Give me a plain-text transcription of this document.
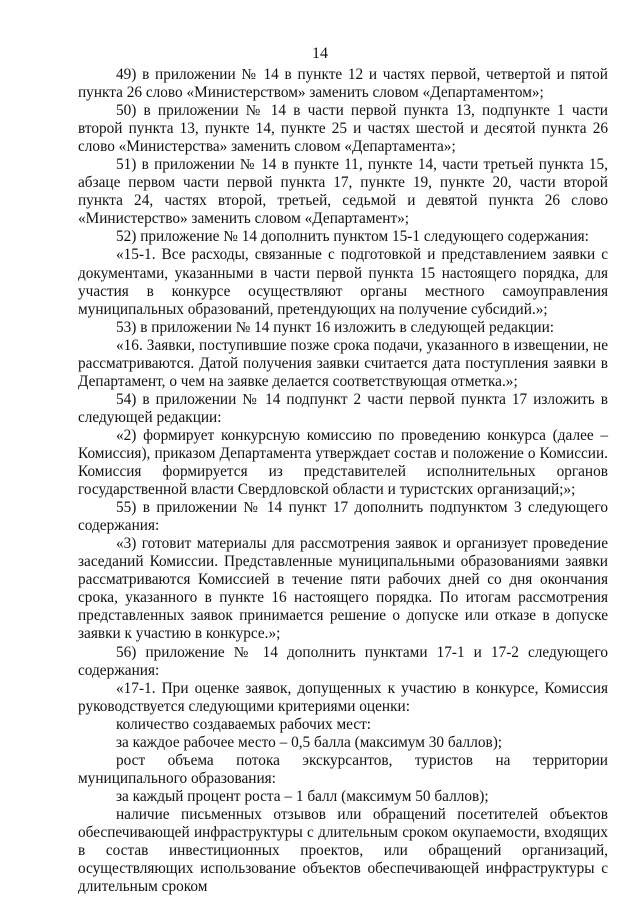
14

49) в приложении № 14 в пункте 12 и частях первой, четвертой и пятой пункта 26 слово «Министерством» заменить словом «Департаментом»;

50) в приложении № 14 в части первой пункта 13, подпункте 1 части второй пункта 13, пункте 14, пункте 25 и частях шестой и десятой пункта 26 слово «Министерства» заменить словом «Департамента»;

51) в приложении № 14 в пункте 11, пункте 14, части третьей пункта 15, абзаце первом части первой пункта 17, пункте 19, пункте 20, части второй пункта 24, частях второй, третьей, седьмой и девятой пункта 26 слово «Министерство» заменить словом «Департамент»;

52) приложение № 14 дополнить пунктом 15-1 следующего содержания:

«15-1. Все расходы, связанные с подготовкой и представлением заявки с документами, указанными в части первой пункта 15 настоящего порядка, для участия в конкурсе осуществляют органы местного самоуправления муниципальных образований, претендующих на получение субсидий.»;

53) в приложении № 14 пункт 16 изложить в следующей редакции:

«16. Заявки, поступившие позже срока подачи, указанного в извещении, не рассматриваются. Датой получения заявки считается дата поступления заявки в Департамент, о чем на заявке делается соответствующая отметка.»;

54) в приложении № 14 подпункт 2 части первой пункта 17 изложить в следующей редакции:

«2) формирует конкурсную комиссию по проведению конкурса (далее – Комиссия), приказом Департамента утверждает состав и положение о Комиссии. Комиссия формируется из представителей исполнительных органов государственной власти Свердловской области и туристских организаций;»;

55) в приложении № 14 пункт 17 дополнить подпунктом 3 следующего содержания:

«3) готовит материалы для рассмотрения заявок и организует проведение заседаний Комиссии. Представленные муниципальными образованиями заявки рассматриваются Комиссией в течение пяти рабочих дней со дня окончания срока, указанного в пункте 16 настоящего порядка. По итогам рассмотрения представленных заявок принимается решение о допуске или отказе в допуске заявки к участию в конкурсе.»;

56) приложение № 14 дополнить пунктами 17-1 и 17-2 следующего содержания:

«17-1. При оценке заявок, допущенных к участию в конкурсе, Комиссия руководствуется следующими критериями оценки:

количество создаваемых рабочих мест:

за каждое рабочее место – 0,5 балла (максимум 30 баллов);

рост объема потока экскурсантов, туристов на территории муниципального образования:

за каждый процент роста – 1 балл (максимум 50 баллов);

наличие письменных отзывов или обращений посетителей объектов обеспечивающей инфраструктуры с длительным сроком окупаемости, входящих в состав инвестиционных проектов, или обращений организаций, осуществляющих использование объектов обеспечивающей инфраструктуры с длительным сроком
